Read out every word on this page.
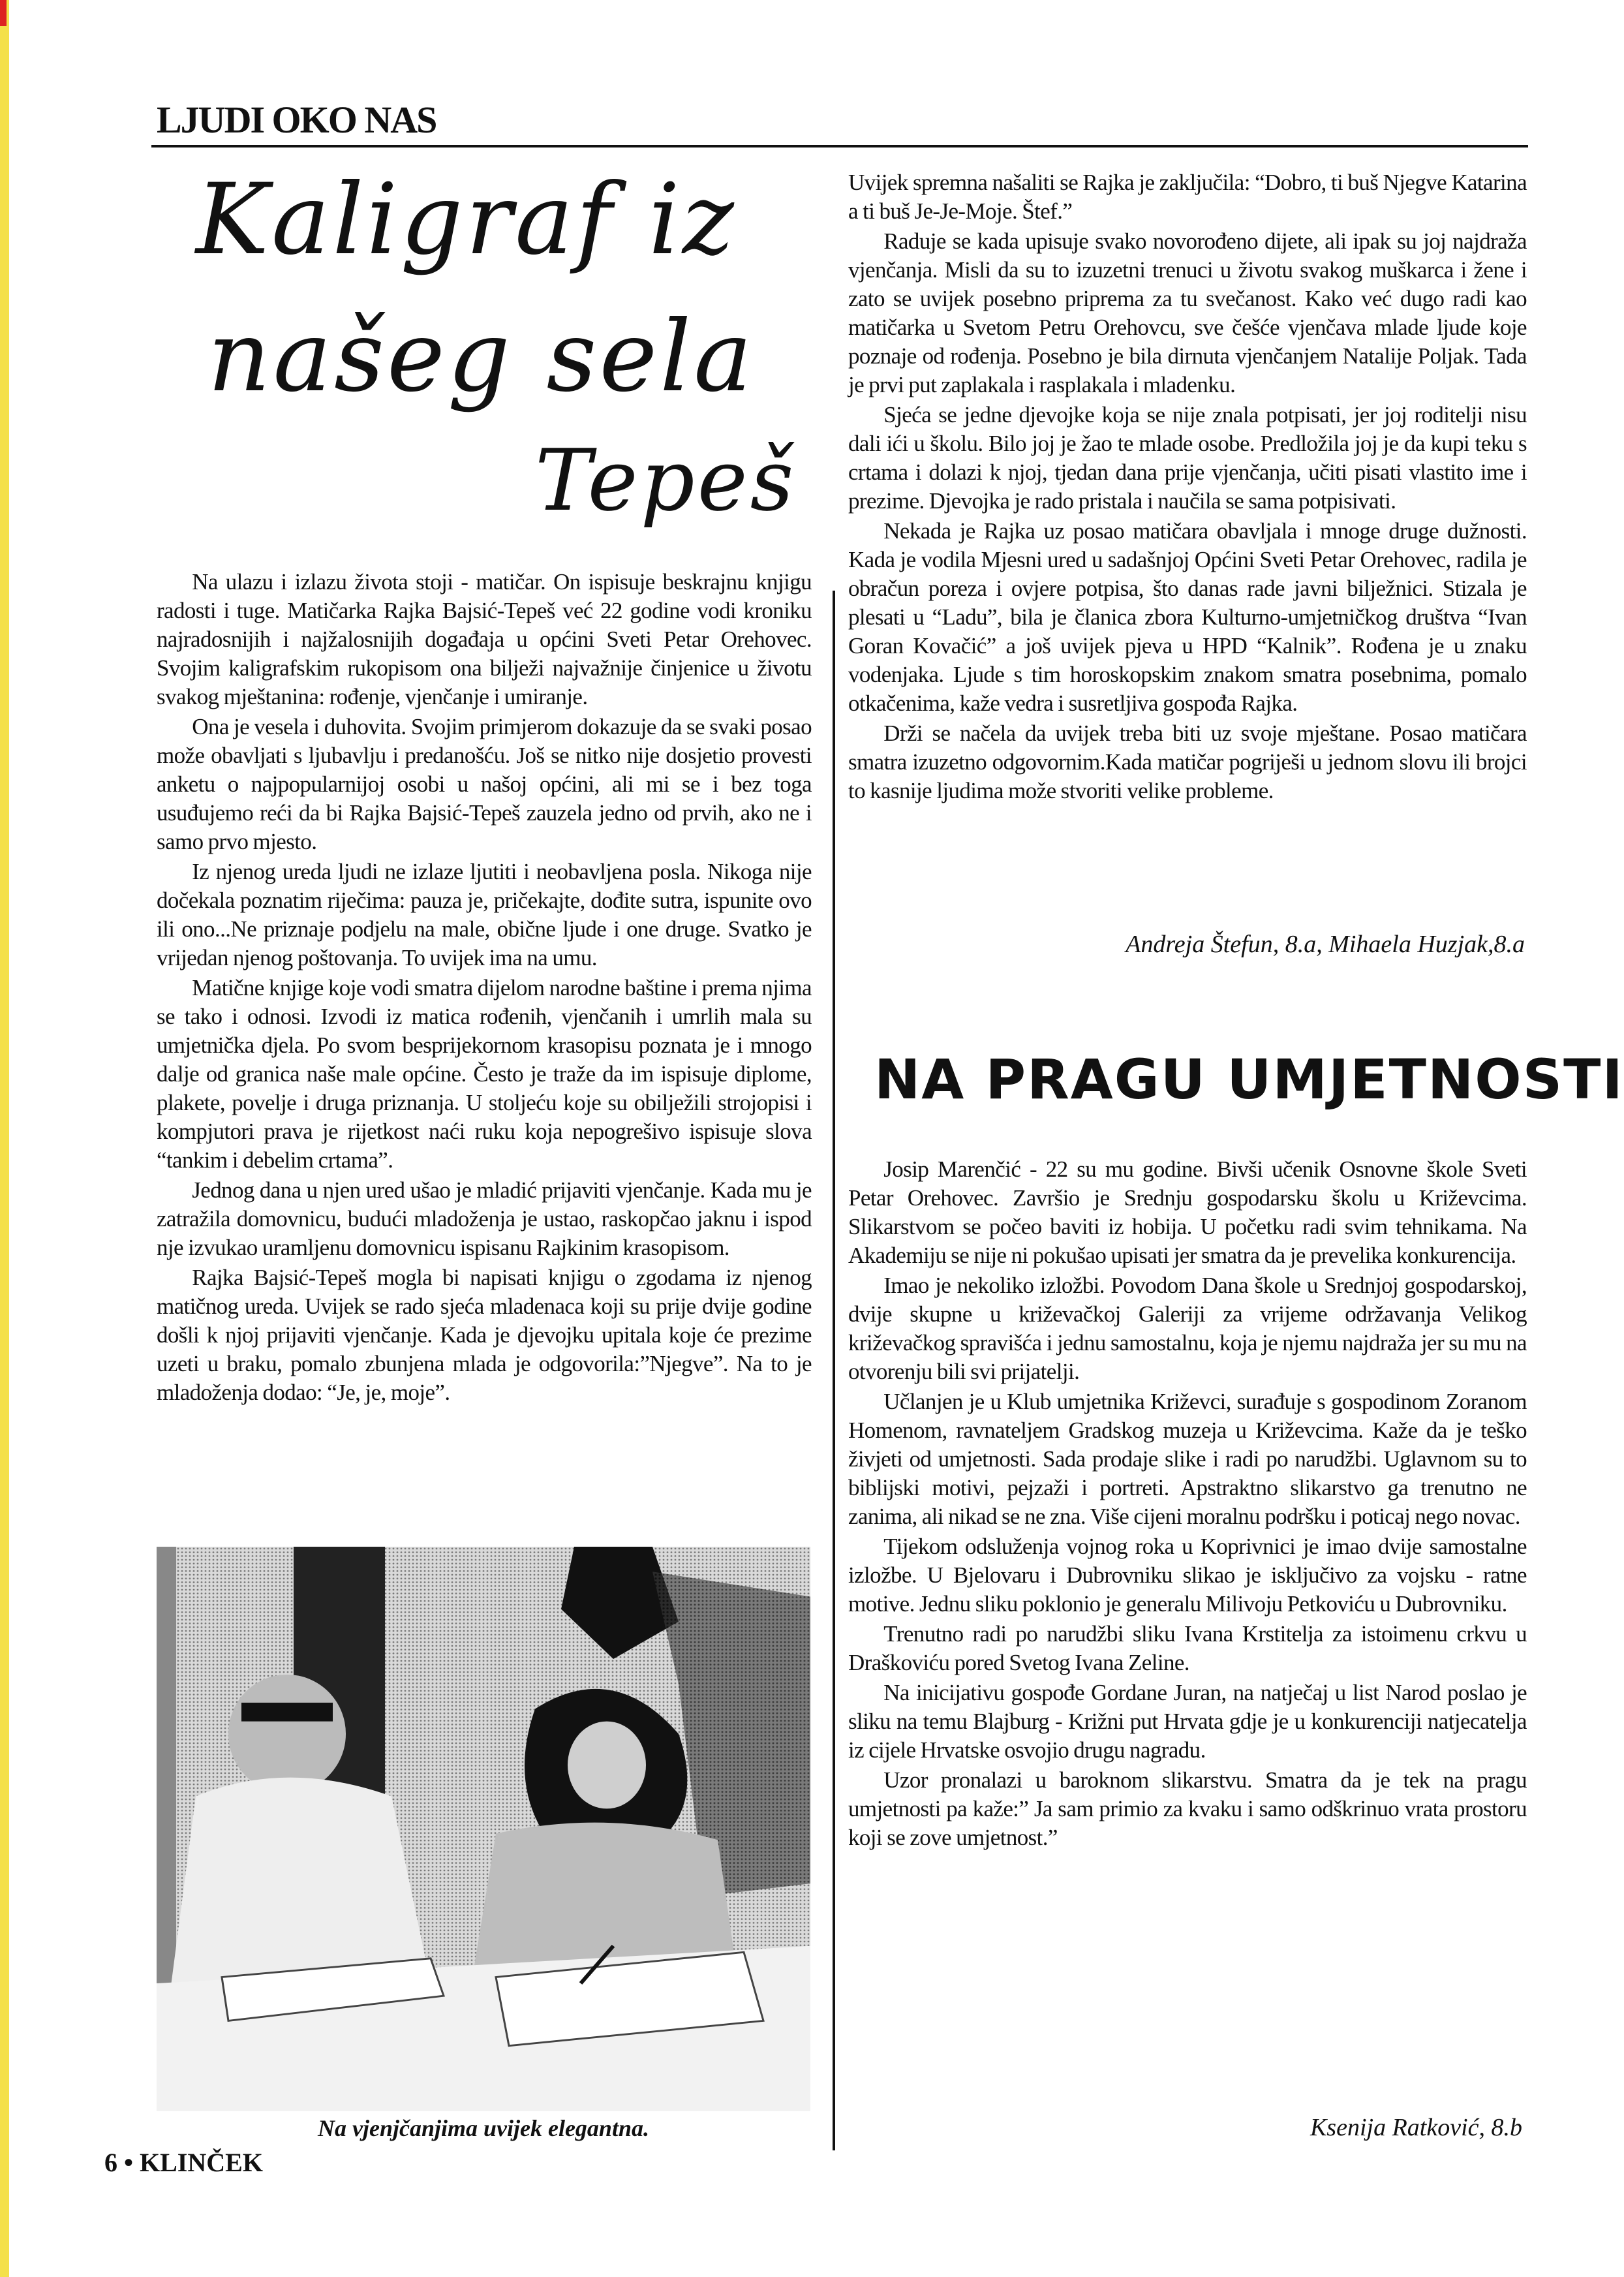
LJUDI OKO NAS
Kaligraf iz
našeg sela
Tepeš

Na ulazu i izlazu života stoji - matičar. On ispisuje beskrajnu knjigu radosti i tuge. Matičarka Rajka Bajsić-Tepeš već 22 godine vodi kroniku najradosnijih i najžalosnijih događaja u općini Sveti Petar Orehovec. Svojim kaligrafskim rukopisom ona bilježi najvažnije činjenice u životu svakog mještanina: rođenje, vjenčanje i umiranje.

Ona je vesela i duhovita. Svojim primjerom dokazuje da se svaki posao može obavljati s ljubavlju i predanošću. Još se nitko nije dosjetio provesti anketu o najpopularnijoj osobi u našoj općini, ali mi se i bez toga usuđujemo reći da bi Rajka Bajsić-Tepeš zauzela jedno od prvih, ako ne i samo prvo mjesto.

Iz njenog ureda ljudi ne izlaze ljutiti i neobavljena posla. Nikoga nije dočekala poznatim riječima: pauza je, pričekajte, dođite sutra, ispunite ovo ili ono...Ne priznaje podjelu na male, obične ljude i one druge. Svatko je vrijedan njenog poštovanja. To uvijek ima na umu.

Matične knjige koje vodi smatra dijelom narodne baštine i prema njima se tako i odnosi. Izvodi iz matica rođenih, vjenčanih i umrlih mala su umjetnička djela. Po svom besprijekornom krasopisu poznata je i mnogo dalje od granica naše male općine. Često je traže da im ispisuje diplome, plakete, povelje i druga priznanja. U stoljeću koje su obilježili strojopisi i kompjutori prava je rijetkost naći ruku koja nepogrešivo ispisuje slova “tankim i debelim crtama”.

Jednog dana u njen ured ušao je mladić prijaviti vjenčanje. Kada mu je zatražila domovnicu, budući mladoženja je ustao, raskopčao jaknu i ispod nje izvukao uramljenu domovnicu ispisanu Rajkinim krasopisom.

Rajka Bajsić-Tepeš mogla bi napisati knjigu o zgodama iz njenog matičnog ureda. Uvijek se rado sjeća mladenaca koji su prije dvije godine došli k njoj prijaviti vjenčanje. Kada je djevojku upitala koje će prezime uzeti u braku, pomalo zbunjena mlada je odgovorila:”Njegve”. Na to je mladoženja dodao: “Je, je, moje”.

Na vjenjčanjima uvijek elegantna.

Uvijek spremna našaliti se Rajka je zaključila: “Dobro, ti buš Njegve Katarina a ti buš Je-Je-Moje. Štef.”

Raduje se kada upisuje svako novorođeno dijete, ali ipak su joj najdraža vjenčanja. Misli da su to izuzetni trenuci u životu svakog muškarca i žene i zato se uvijek posebno priprema za tu svečanost. Kako već dugo radi kao matičarka u Svetom Petru Orehovcu, sve češće vjenčava mlade ljude koje poznaje od rođenja. Posebno je bila dirnuta vjenčanjem Natalije Poljak. Tada je prvi put zaplakala i rasplakala i mladenku.

Sjeća se jedne djevojke koja se nije znala potpisati, jer joj roditelji nisu dali ići u školu. Bilo joj je žao te mlade osobe. Predložila joj je da kupi teku s crtama i dolazi k njoj, tjedan dana prije vjenčanja, učiti pisati vlastito ime i prezime. Djevojka je rado pristala i naučila se sama potpisivati.

Nekada je Rajka uz posao matičara obavljala i mnoge druge dužnosti. Kada je vodila Mjesni ured u sadašnjoj Općini Sveti Petar Orehovec, radila je obračun poreza i ovjere potpisa, što danas rade javni bilježnici. Stizala je plesati u “Ladu”, bila je članica zbora Kulturno-umjetničkog društva “Ivan Goran Kovačić” a još uvijek pjeva u HPD “Kalnik”. Rođena je u znaku vodenjaka. Ljude s tim horoskopskim znakom smatra posebnima, pomalo otkačenima, kaže vedra i susretljiva gospođa Rajka.

Drži se načela da uvijek treba biti uz svoje mještane. Posao matičara smatra izuzetno odgovornim.Kada matičar pogriješi u jednom slovu ili brojci to kasnije ljudima može stvoriti velike probleme.

Andreja Štefun, 8.a, Mihaela Huzjak,8.a
NA PRAGU UMJETNOSTI

Josip Marenčić - 22 su mu godine. Bivši učenik Osnovne škole Sveti Petar Orehovec. Završio je Srednju gospodarsku školu u Križevcima. Slikarstvom se počeo baviti iz hobija. U početku radi svim tehnikama. Na Akademiju se nije ni pokušao upisati jer smatra da je prevelika konkurencija.

Imao je nekoliko izložbi. Povodom Dana škole u Srednjoj gospodarskoj, dvije skupne u križevačkoj Galeriji za vrijeme održavanja Velikog križevačkog spravišća i jednu samostalnu, koja je njemu najdraža jer su mu na otvorenju bili svi prijatelji.

Učlanjen je u Klub umjetnika Križevci, surađuje s gospodinom Zoranom Homenom, ravnateljem Gradskog muzeja u Križevcima. Kaže da je teško živjeti od umjetnosti. Sada prodaje slike i radi po narudžbi. Uglavnom su to biblijski motivi, pejzaži i portreti. Apstraktno slikarstvo ga trenutno ne zanima, ali nikad se ne zna. Više cijeni moralnu podršku i poticaj nego novac.

Tijekom odsluženja vojnog roka u Koprivnici je imao dvije samostalne izložbe. U Bjelovaru i Dubrovniku slikao je isključivo za vojsku - ratne motive. Jednu sliku poklonio je generalu Milivoju Petkoviću u Dubrovniku.

Trenutno radi po narudžbi sliku Ivana Krstitelja za istoimenu crkvu u Draškoviću pored Svetog Ivana Zeline.

Na inicijativu gospođe Gordane Juran, na natječaj u list Narod poslao je sliku na temu Blajburg - Križni put Hrvata gdje je u konkurenciji natjecatelja iz cijele Hrvatske osvojio drugu nagradu.

Uzor pronalazi u baroknom slikarstvu. Smatra da je tek na pragu umjetnosti pa kaže:” Ja sam primio za kvaku i samo odškrinuo vrata prostoru koji se zove umjetnost.”

Ksenija Ratković, 8.b
6 • KLINČEK
